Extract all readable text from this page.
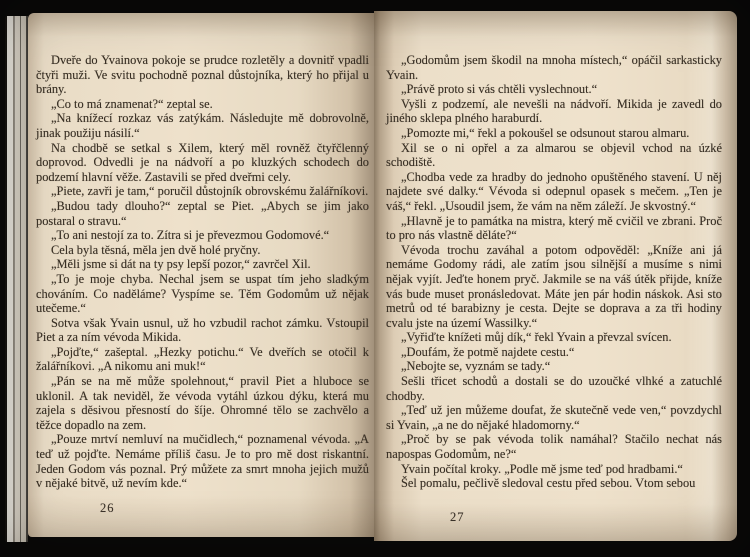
Dveře do Yvainova pokoje se prudce rozletěly a dovnitř vpadli čtyři muži. Ve svitu pochodně poznal důstojníka, který ho přijal u brány.

„Co to má znamenat?“ zeptal se.

„Na knížecí rozkaz vás zatýkám. Následujte mě dobrovolně, jinak použiju násilí.“

Na chodbě se setkal s Xilem, který měl rovněž čtyřčlenný doprovod. Odvedli je na nádvoří a po kluzkých schodech do podzemí hlavní věže. Zastavili se před dveřmi cely.

„Piete, zavři je tam,“ poručil důstojník obrovskému žalářníkovi.

„Budou tady dlouho?“ zeptal se Piet. „Abych se jim jako postaral o stravu.“

„To ani nestojí za to. Zítra si je převezmou Godomové.“

Cela byla těsná, měla jen dvě holé pryčny.

„Měli jsme si dát na ty psy lepší pozor,“ zavrčel Xil.

„To je moje chyba. Nechal jsem se uspat tím jeho sladkým chováním. Co naděláme? Vyspíme se. Těm Godomům už nějak utečeme.“

Sotva však Yvain usnul, už ho vzbudil rachot zámku. Vstoupil Piet a za ním vévoda Mikida.

„Pojďte,“ zašeptal. „Hezky potichu.“ Ve dveřích se otočil k žalářníkovi. „A nikomu ani muk!“

„Pán se na mě může spolehnout,“ pravil Piet a hluboce se uklonil. A tak neviděl, že vévoda vytáhl úzkou dýku, která mu zajela s děsivou přesností do šíje. Ohromné tělo se zachvělo a těžce dopadlo na zem.

„Pouze mrtví nemluví na mučidlech,“ poznamenal vévoda. „A teď už pojďte. Nemáme příliš času. Je to pro mě dost riskantní. Jeden Godom vás poznal. Prý můžete za smrt mnoha jejich mužů v nějaké bitvě, už nevím kde.“

26

„Godomům jsem škodil na mnoha místech,“ opáčil sarkasticky Yvain.

„Právě proto si vás chtěli vyslechnout.“

Vyšli z podzemí, ale nevešli na nádvoří. Mikida je zavedl do jiného sklepa plného haraburdí.

„Pomozte mi,“ řekl a pokoušel se odsunout starou almaru.

Xil se o ni opřel a za almarou se objevil vchod na úzké schodiště.

„Chodba vede za hradby do jednoho opuštěného stavení. U něj najdete své dalky.“ Vévoda si odepnul opasek s mečem. „Ten je váš,“ řekl. „Usoudil jsem, že vám na něm záleží. Je skvostný.“

„Hlavně je to památka na mistra, který mě cvičil ve zbrani. Proč to pro nás vlastně děláte?“

Vévoda trochu zaváhal a potom odpověděl: „Kníže ani já nemáme Godomy rádi, ale zatím jsou silnější a musíme s nimi nějak vyjít. Jeďte honem pryč. Jakmile se na váš útěk přijde, kníže vás bude muset pronásledovat. Máte jen pár hodin náskok. Asi sto metrů od té barabizny je cesta. Dejte se doprava a za tři hodiny cvalu jste na území Wassilky.“

„Vyřiďte knížeti můj dík,“ řekl Yvain a převzal svícen.

„Doufám, že potmě najdete cestu.“

„Nebojte se, vyznám se tady.“

Sešli třicet schodů a dostali se do uzoučké vlhké a zatuchlé chodby.

„Teď už jen můžeme doufat, že skutečně vede ven,“ povzdychl si Yvain, „a ne do nějaké hladomorny.“

„Proč by se pak vévoda tolik namáhal? Stačilo nechat nás napospas Godomům, ne?“

Yvain počítal kroky. „Podle mě jsme teď pod hradbami.“

Šel pomalu, pečlivě sledoval cestu před sebou. Vtom sebou

27
